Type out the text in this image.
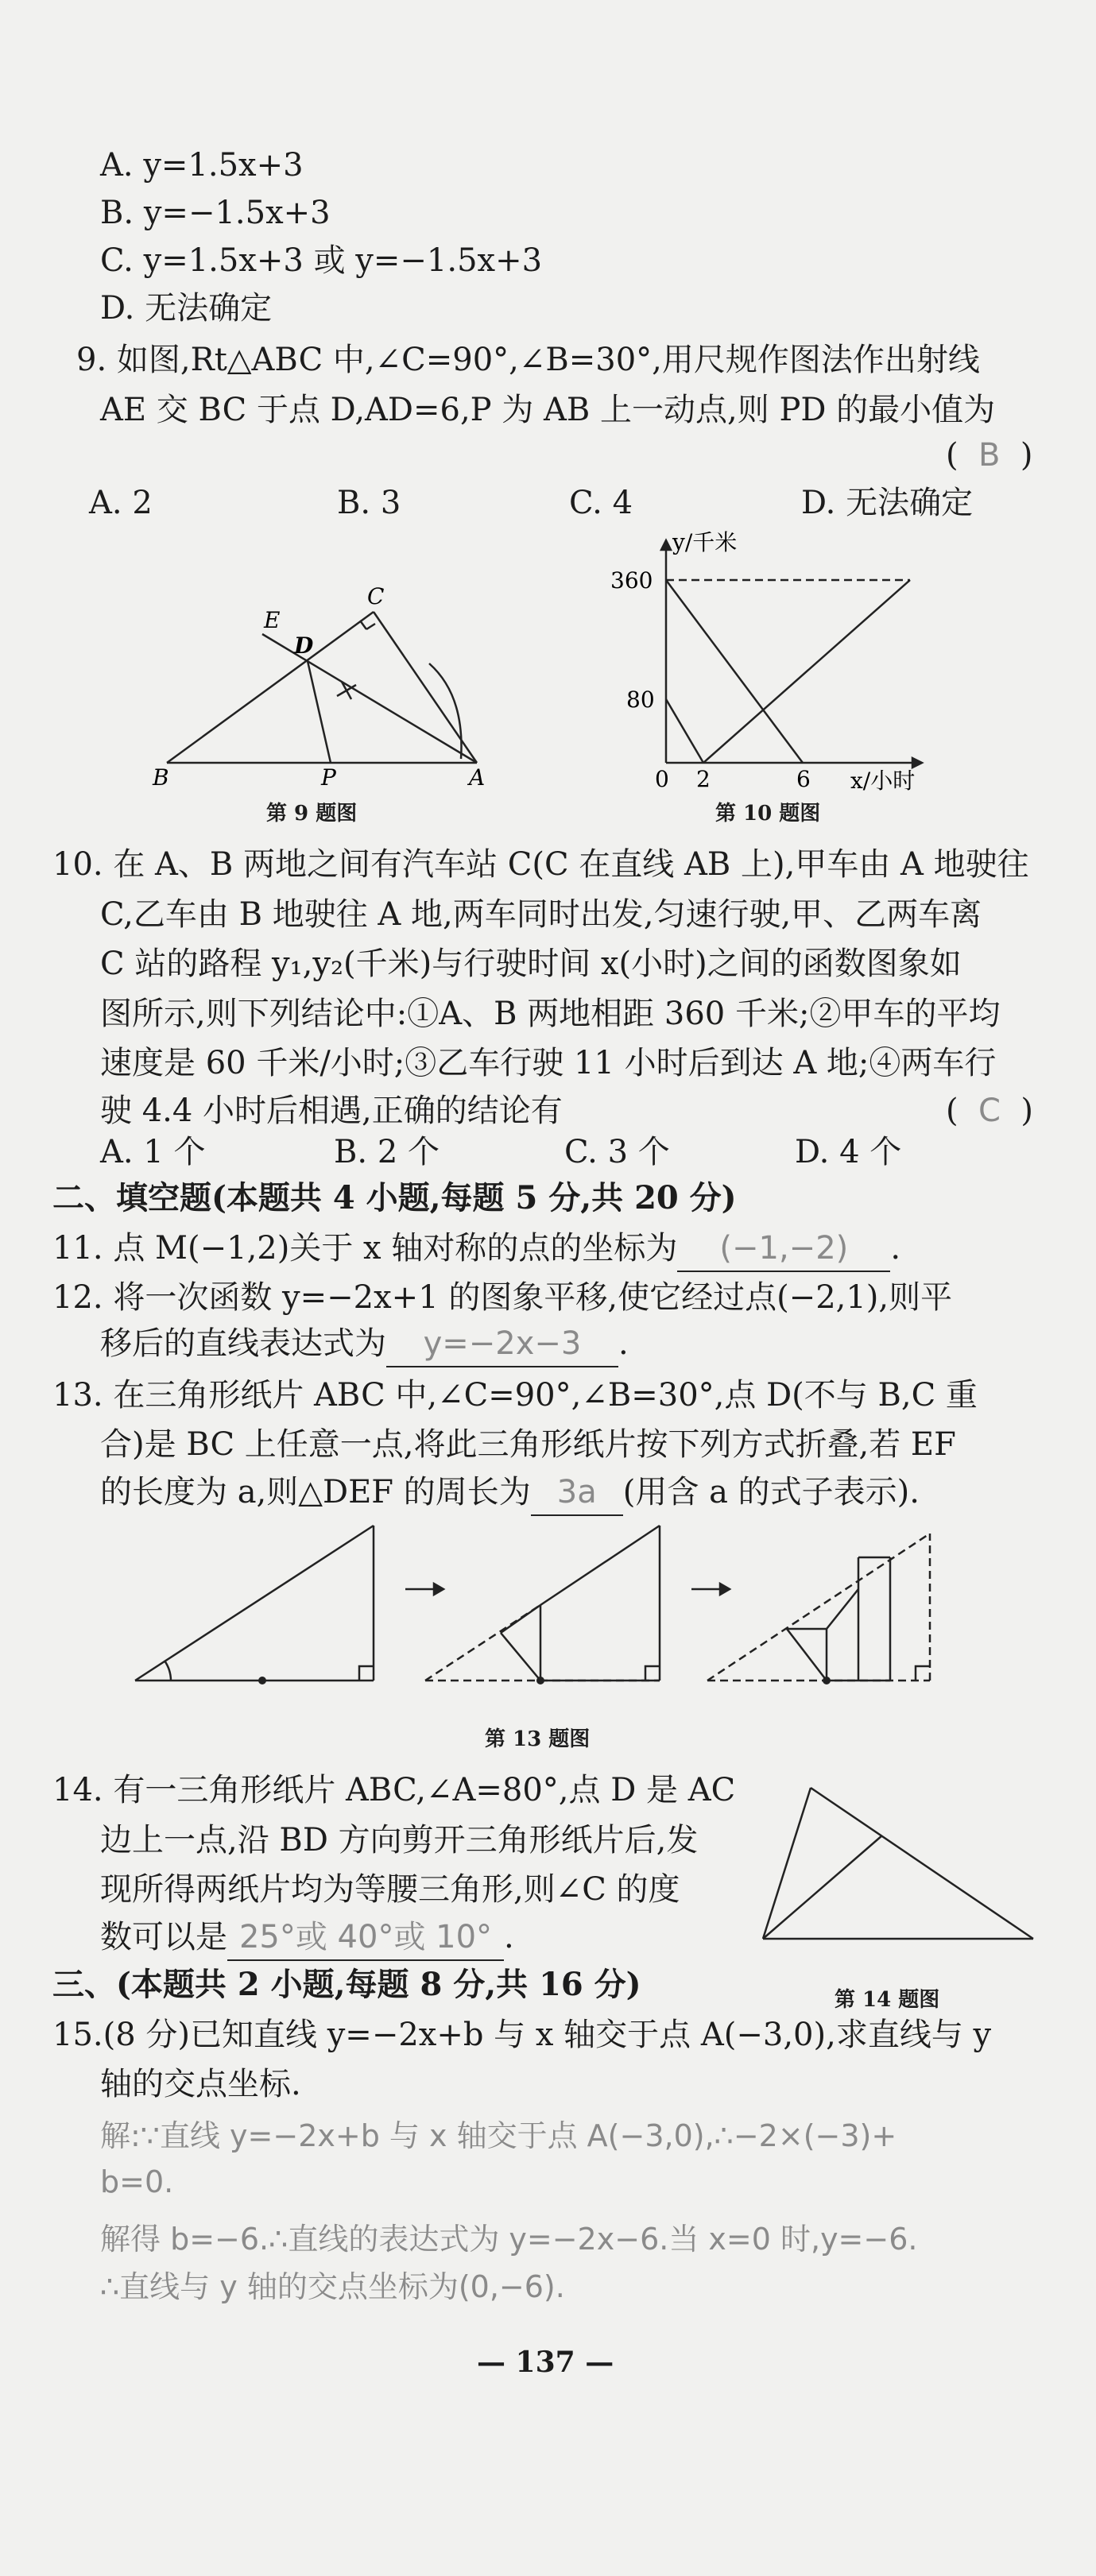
A. y=1.5x+3
B. y=−1.5x+3
C. y=1.5x+3 或 y=−1.5x+3
D. 无法确定
9. 如图,Rt△ABC 中,∠C=90°,∠B=30°,用尺规作图法作出射线
AE 交 BC 于点 D,AD=6,P 为 AB 上一动点,则 PD 的最小值为
(  B  )
A. 2	B. 3	C. 4	D. 无法确定
E
D
C
B	P	A
第 9 题图
y/千米
360
80
0 2	6 x/小时
第 10 题图
10. 在 A、B 两地之间有汽车站 C(C 在直线 AB 上),甲车由 A 地驶往
C,乙车由 B 地驶往 A 地,两车同时出发,匀速行驶,甲、乙两车离
C 站的路程 y₁,y₂(千米)与行驶时间 x(小时)之间的函数图象如
图所示,则下列结论中:①A、B 两地相距 360 千米;②甲车的平均
速度是 60 千米/小时;③乙车行驶 11 小时后到达 A 地;④两车行
驶 4.4 小时后相遇,正确的结论有	(  C  )
A. 1 个	B. 2 个	C. 3 个	D. 4 个
二、填空题(本题共 4 小题,每题 5 分,共 20 分)
11. 点 M(−1,2)关于 x 轴对称的点的坐标为 (−1,−2) .
12. 将一次函数 y=−2x+1 的图象平移,使它经过点(−2,1),则平
移后的直线表达式为 y=−2x−3 .
13. 在三角形纸片 ABC 中,∠C=90°,∠B=30°,点 D(不与 B,C 重
合)是 BC 上任意一点,将此三角形纸片按下列方式折叠,若 EF
的长度为 a,则△DEF 的周长为 3a (用含 a 的式子表示).
第 13 题图
14. 有一三角形纸片 ABC,∠A=80°,点 D 是 AC
边上一点,沿 BD 方向剪开三角形纸片后,发
现所得两纸片均为等腰三角形,则∠C 的度
数可以是 25°或 40°或 10° .
第 14 题图
三、(本题共 2 小题,每题 8 分,共 16 分)
15.(8 分)已知直线 y=−2x+b 与 x 轴交于点 A(−3,0),求直线与 y
轴的交点坐标.
解:∵直线 y=−2x+b 与 x 轴交于点 A(−3,0),∴−2×(−3)+
b=0.
解得 b=−6.∴直线的表达式为 y=−2x−6.当 x=0 时,y=−6.
∴直线与 y 轴的交点坐标为(0,−6).
— 137 —
